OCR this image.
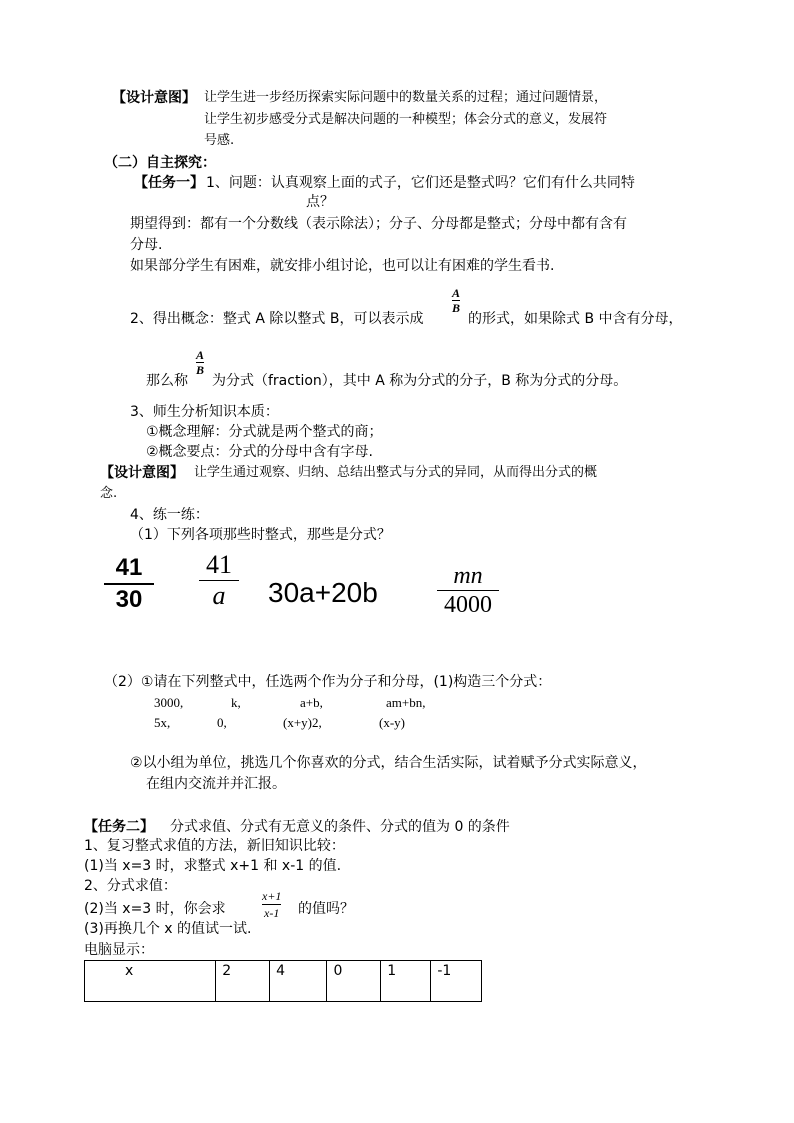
【设计意图】 让学生进一步经历探索实际问题中的数量关系的过程；通过问题情景，
让学生初步感受分式是解决问题的一种模型；体会分式的意义，发展符
号感.
（二）自主探究：
【任务一】 1、问题：认真观察上面的式子，它们还是整式吗？它们有什么共同特
点？
期望得到：都有一个分数线（表示除法）；分子、分母都是整式；分母中都有含有
分母.
如果部分学生有困难，就安排小组讨论，也可以让有困难的学生看书.
2、得出概念：整式 A 除以整式 B，可以表示成
A
B
的形式，如果除式 B 中含有分母，
那么称
A
B
为分式（fraction），其中 A 称为分式的分子，B 称为分式的分母。
3、师生分析知识本质：
①概念理解：分式就是两个整式的商；
②概念要点：分式的分母中含有字母.
【设计意图】 让学生通过观察、归纳、总结出整式与分式的异同，从而得出分式的概
念.
4、练一练：
（1）下列各项那些时整式，那些是分式？
41
30
41
a 30a+20b
mn
4000
（2）①请在下列整式中，任选两个作为分子和分母，(1)构造三个分式：
3000,	k,	a+b,	am+bn,
5x,	0,	(x+y)2,	(x-y)
②以小组为单位，挑选几个你喜欢的分式，结合生活实际，试着赋予分式实际意义，
在组内交流并并汇报。
【任务二】 分式求值、分式有无意义的条件、分式的值为 0 的条件
1、复习整式求值的方法，新旧知识比较：
(1)当 x=3 时，求整式 x+1 和 x-1 的值.
2、分式求值：
(2)当 x=3 时，你会求
x+1
x-1 的值吗？
(3)再换几个 x 的值试一试.
电脑显示：
x	2	4	0	1	-1
